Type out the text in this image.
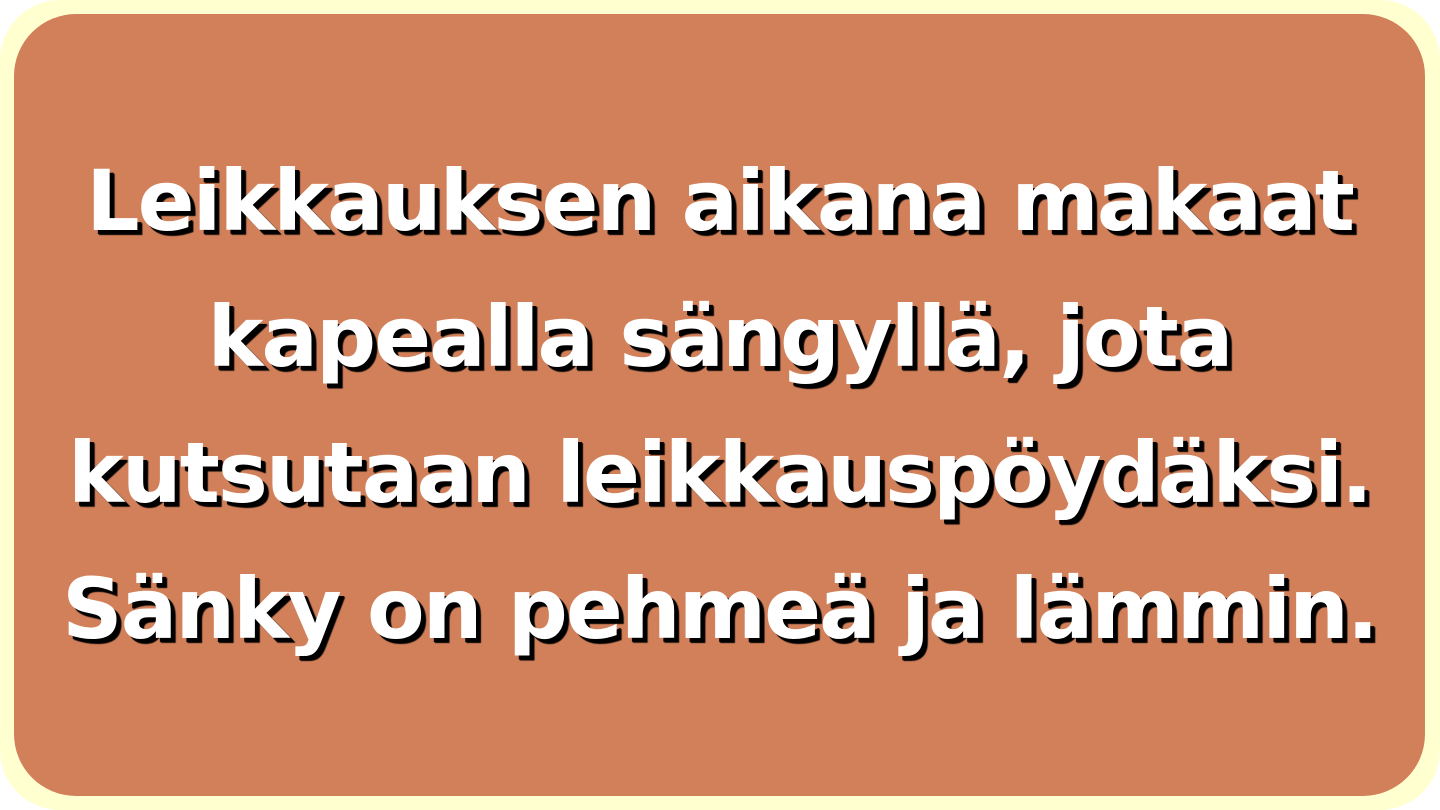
Leikkauksen aikana makaat
kapealla sängyllä, jota
kutsutaan leikkauspöydäksi.
Sänky on pehmeä ja lämmin.
